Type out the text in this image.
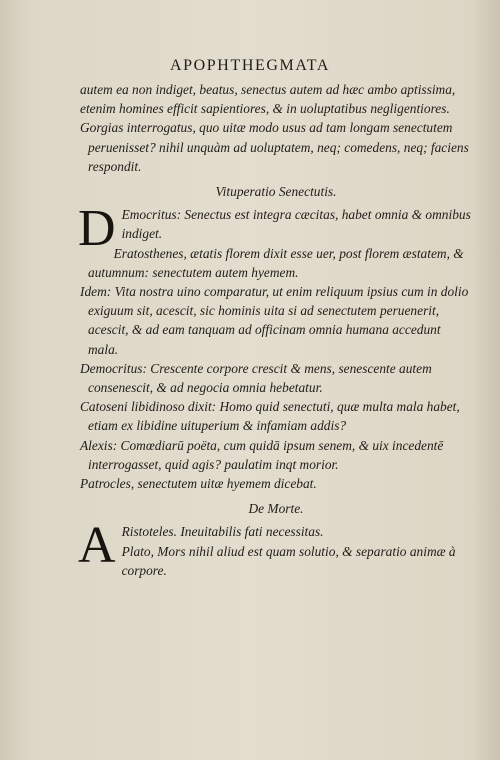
APOPHTHEGMATA

autem ea non indiget, beatus, senectus autem ad hæc ambo aptissima, etenim homines efficit sapientiores, & in uoluptatibus negligentiores.

Gorgias interrogatus, quo uitæ modo usus ad tam longam senectutem peruenisset? nihil unquàm ad uoluptatem, neq; comedens, neq; faciens respondit.

Vituperatio Senectutis.

D Emocritus: Senectus est integra cæcitas, habet omnia & omnibus indiget.

Eratosthenes, ætatis florem dixit esse uer, post florem æstatem, & autumnum: senectutem autem hyemem.

Idem: Vita nostra uino comparatur, ut enim reliquum ipsius cum in dolio exiguum sit, acescit, sic hominis uita si ad senectutem peruenerit, acescit, & ad eam tanquam ad officinam omnia humana accedunt mala.

Democritus: Crescente corpore crescit & mens, senescente autem consenescit, & ad negocia omnia hebetatur.

Catoseni libidinoso dixit: Homo quid senectuti, quæ multa mala habet, etiam ex libidine uituperium & infamiam addis?

Alexis: Comœdiarū poëta, cum quidā ipsum senem, & uix incedentē interrogasset, quid agis? paulatim inqt morior.

Patrocles, senectutem uitæ hyemem dicebat.

De Morte.

A Ristoteles. Ineuitabilis fati necessitas.

Plato, Mors nihil aliud est quam solutio, & separatio animæ à corpore.
